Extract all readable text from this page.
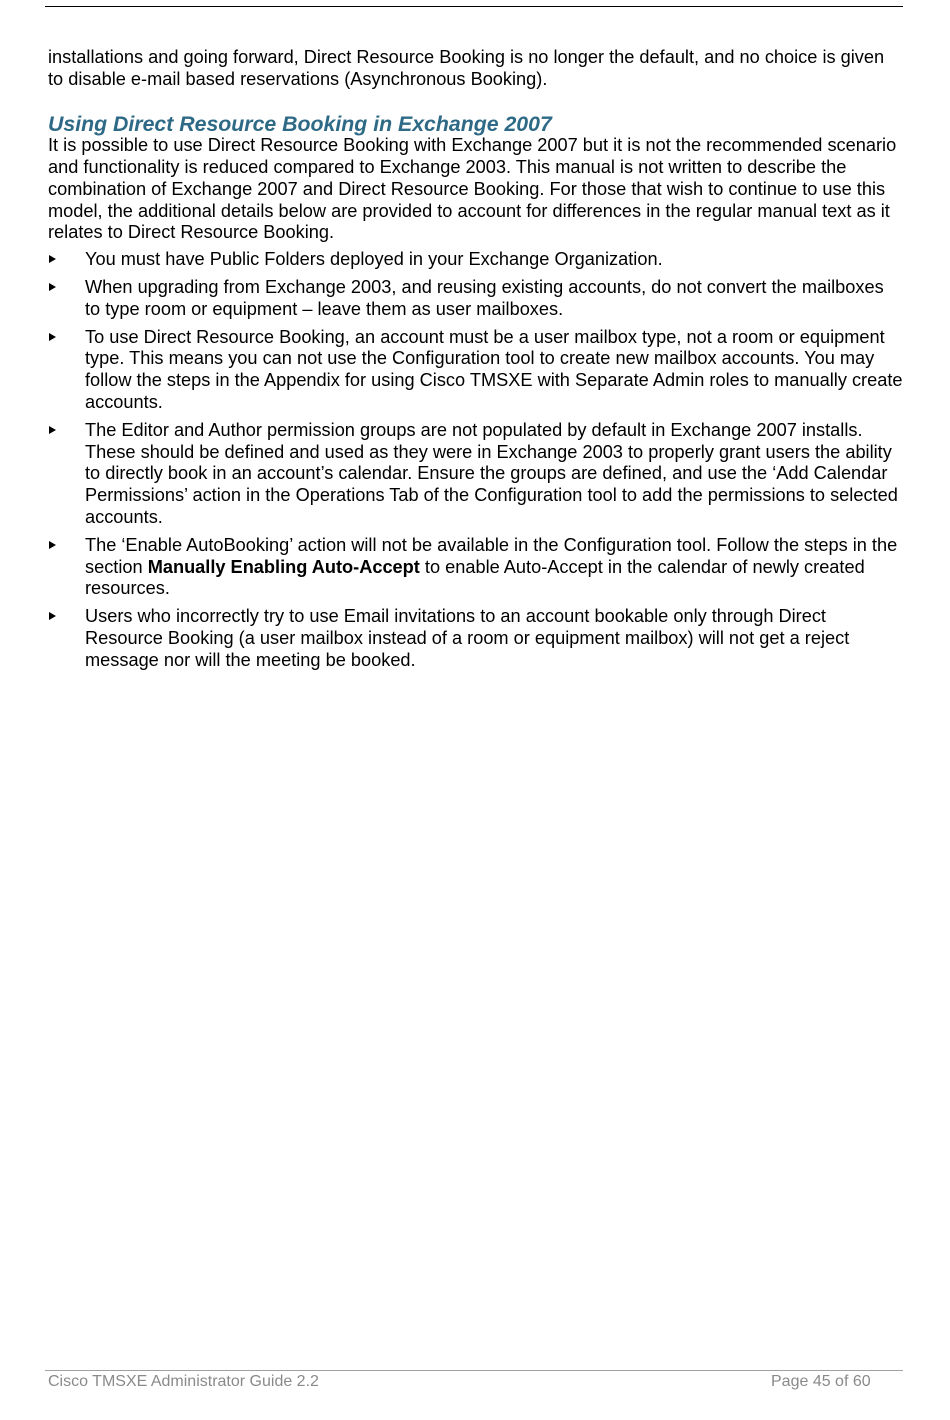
installations and going forward, Direct Resource Booking is no longer the default, and no choice is given to disable e-mail based reservations (Asynchronous Booking).

Using Direct Resource Booking in Exchange 2007

It is possible to use Direct Resource Booking with Exchange 2007 but it is not the recommended scenario and functionality is reduced compared to Exchange 2003. This manual is not written to describe the combination of Exchange 2007 and Direct Resource Booking. For those that wish to continue to use this model, the additional details below are provided to account for differences in the regular manual text as it relates to Direct Resource Booking.

You must have Public Folders deployed in your Exchange Organization.
When upgrading from Exchange 2003, and reusing existing accounts, do not convert the mailboxes to type room or equipment – leave them as user mailboxes.
To use Direct Resource Booking, an account must be a user mailbox type, not a room or equipment type. This means you can not use the Configuration tool to create new mailbox accounts. You may follow the steps in the Appendix for using Cisco TMSXE with Separate Admin roles to manually create accounts.
The Editor and Author permission groups are not populated by default in Exchange 2007 installs. These should be defined and used as they were in Exchange 2003 to properly grant users the ability to directly book in an account’s calendar. Ensure the groups are defined, and use the ‘Add Calendar Permissions’ action in the Operations Tab of the Configuration tool to add the permissions to selected accounts.
The ‘Enable AutoBooking’ action will not be available in the Configuration tool. Follow the steps in the section Manually Enabling Auto-Accept to enable Auto-Accept in the calendar of newly created resources.
Users who incorrectly try to use Email invitations to an account bookable only through Direct Resource Booking (a user mailbox instead of a room or equipment mailbox) will not get a reject message nor will the meeting be booked.
Cisco TMSXE Administrator Guide 2.2	Page 45 of 60
